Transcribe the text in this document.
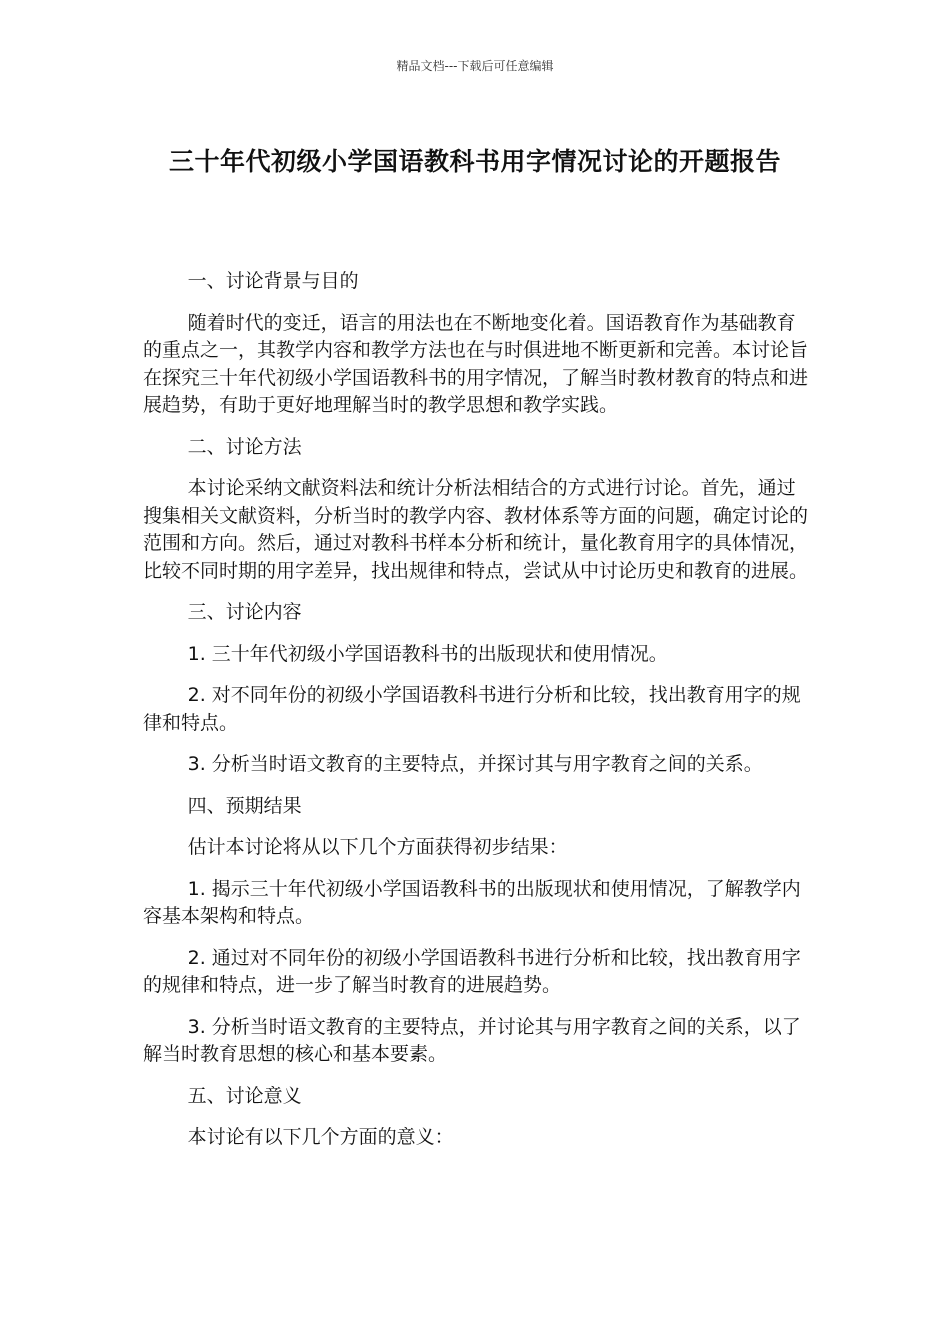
精品文档---下载后可任意编辑
三十年代初级小学国语教科书用字情况讨论的开题报告

一、讨论背景与目的

随着时代的变迁，语言的用法也在不断地变化着。国语教育作为基础教育的重点之一，其教学内容和教学方法也在与时俱进地不断更新和完善。本讨论旨在探究三十年代初级小学国语教科书的用字情况，了解当时教材教育的特点和进展趋势，有助于更好地理解当时的教学思想和教学实践。

二、讨论方法

本讨论采纳文献资料法和统计分析法相结合的方式进行讨论。首先，通过搜集相关文献资料，分析当时的教学内容、教材体系等方面的问题，确定讨论的范围和方向。然后，通过对教科书样本分析和统计，量化教育用字的具体情况，比较不同时期的用字差异，找出规律和特点，尝试从中讨论历史和教育的进展。

三、讨论内容

1. 三十年代初级小学国语教科书的出版现状和使用情况。

2. 对不同年份的初级小学国语教科书进行分析和比较，找出教育用字的规律和特点。

3. 分析当时语文教育的主要特点，并探讨其与用字教育之间的关系。

四、预期结果

估计本讨论将从以下几个方面获得初步结果：

1. 揭示三十年代初级小学国语教科书的出版现状和使用情况，了解教学内容基本架构和特点。

2. 通过对不同年份的初级小学国语教科书进行分析和比较，找出教育用字的规律和特点，进一步了解当时教育的进展趋势。

3. 分析当时语文教育的主要特点，并讨论其与用字教育之间的关系，以了解当时教育思想的核心和基本要素。

五、讨论意义

本讨论有以下几个方面的意义：
